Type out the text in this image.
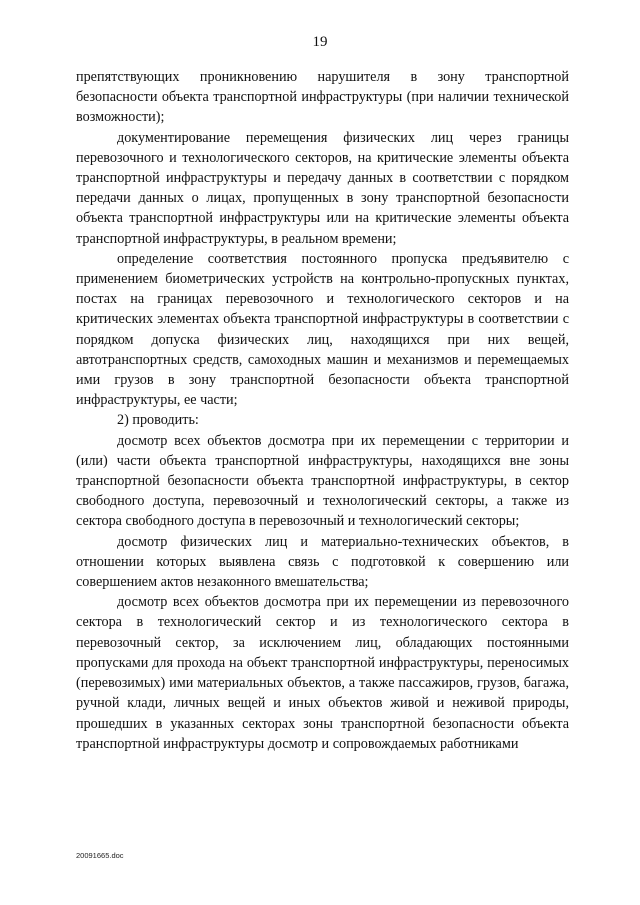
19

препятствующих проникновению нарушителя в зону транспортной безопасности объекта транспортной инфраструктуры (при наличии технической возможности);

документирование перемещения физических лиц через границы перевозочного и технологического секторов, на критические элементы объекта транспортной инфраструктуры и передачу данных в соответствии с порядком передачи данных о лицах, пропущенных в зону транспортной безопасности объекта транспортной инфраструктуры или на критические элементы объекта транспортной инфраструктуры, в реальном времени;

определение соответствия постоянного пропуска предъявителю с применением биометрических устройств на контрольно-пропускных пунктах, постах на границах перевозочного и технологического секторов и на критических элементах объекта транспортной инфраструктуры в соответствии с порядком допуска физических лиц, находящихся при них вещей, автотранспортных средств, самоходных машин и механизмов и перемещаемых ими грузов в зону транспортной безопасности объекта транспортной инфраструктуры, ее части;

2) проводить:

досмотр всех объектов досмотра при их перемещении с территории и (или) части объекта транспортной инфраструктуры, находящихся вне зоны транспортной безопасности объекта транспортной инфраструктуры, в сектор свободного доступа, перевозочный и технологический секторы, а также из сектора свободного доступа в перевозочный и технологический секторы;

досмотр физических лиц и материально-технических объектов, в отношении которых выявлена связь с подготовкой к совершению или совершением актов незаконного вмешательства;

досмотр всех объектов досмотра при их перемещении из перевозочного сектора в технологический сектор и из технологического сектора в перевозочный сектор, за исключением лиц, обладающих постоянными пропусками для прохода на объект транспортной инфраструктуры, переносимых (перевозимых) ими материальных объектов, а также пассажиров, грузов, багажа, ручной клади, личных вещей и иных объектов живой и неживой природы, прошедших в указанных секторах зоны транспортной безопасности объекта транспортной инфраструктуры досмотр и сопровождаемых работниками

20091665.doc
